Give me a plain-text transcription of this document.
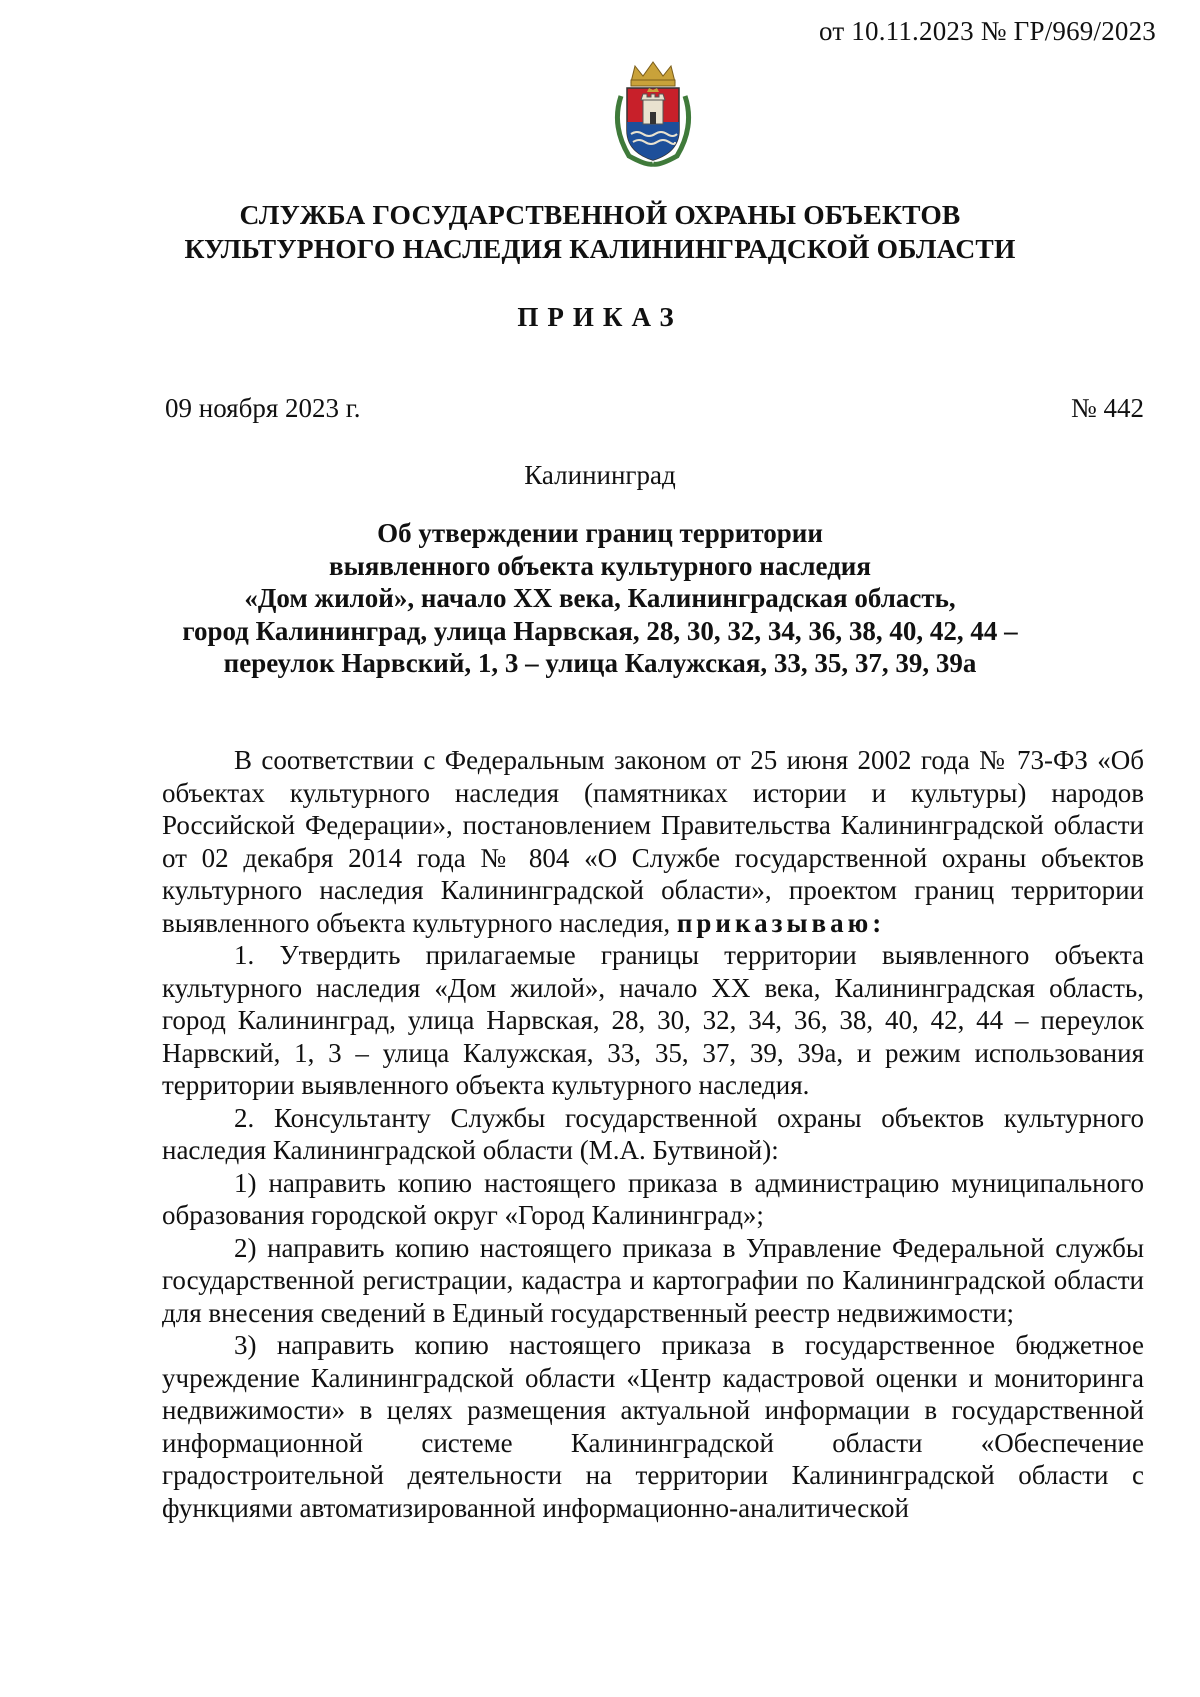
от 10.11.2023 № ГР/969/2023
СЛУЖБА ГОСУДАРСТВЕННОЙ ОХРАНЫ ОБЪЕКТОВ
КУЛЬТУРНОГО НАСЛЕДИЯ КАЛИНИНГРАДСКОЙ ОБЛАСТИ
ПРИКАЗ
09 ноября 2023 г.	№ 442
Калининград
Об утверждении границ территории
выявленного объекта культурного наследия
«Дом жилой», начало XX века, Калининградская область,
город Калининград, улица Нарвская, 28, 30, 32, 34, 36, 38, 40, 42, 44 –
переулок Нарвский, 1, 3 – улица Калужская, 33, 35, 37, 39, 39а

В соответствии с Федеральным законом от 25 июня 2002 года № 73-ФЗ «Об объектах культурного наследия (памятниках истории и культуры) народов Российской Федерации», постановлением Правительства Калининградской области от 02 декабря 2014 года № 804 «О Службе государственной охраны объектов культурного наследия Калининградской области», проектом границ территории выявленного объекта культурного наследия, приказываю:

1. Утвердить прилагаемые границы территории выявленного объекта культурного наследия «Дом жилой», начало XX века, Калининградская область, город Калининград, улица Нарвская, 28, 30, 32, 34, 36, 38, 40, 42, 44 – переулок Нарвский, 1, 3 – улица Калужская, 33, 35, 37, 39, 39а, и режим использования территории выявленного объекта культурного наследия.

2. Консультанту Службы государственной охраны объектов культурного наследия Калининградской области (М.А. Бутвиной):

1) направить копию настоящего приказа в администрацию муниципального образования городской округ «Город Калининград»;

2) направить копию настоящего приказа в Управление Федеральной службы государственной регистрации, кадастра и картографии по Калининградской области для внесения сведений в Единый государственный реестр недвижимости;

3) направить копию настоящего приказа в государственное бюджетное учреждение Калининградской области «Центр кадастровой оценки и мониторинга недвижимости» в целях размещения актуальной информации в государственной информационной системе Калининградской области «Обеспечение градостроительной деятельности на территории Калининградской области с функциями автоматизированной информационно-аналитической
